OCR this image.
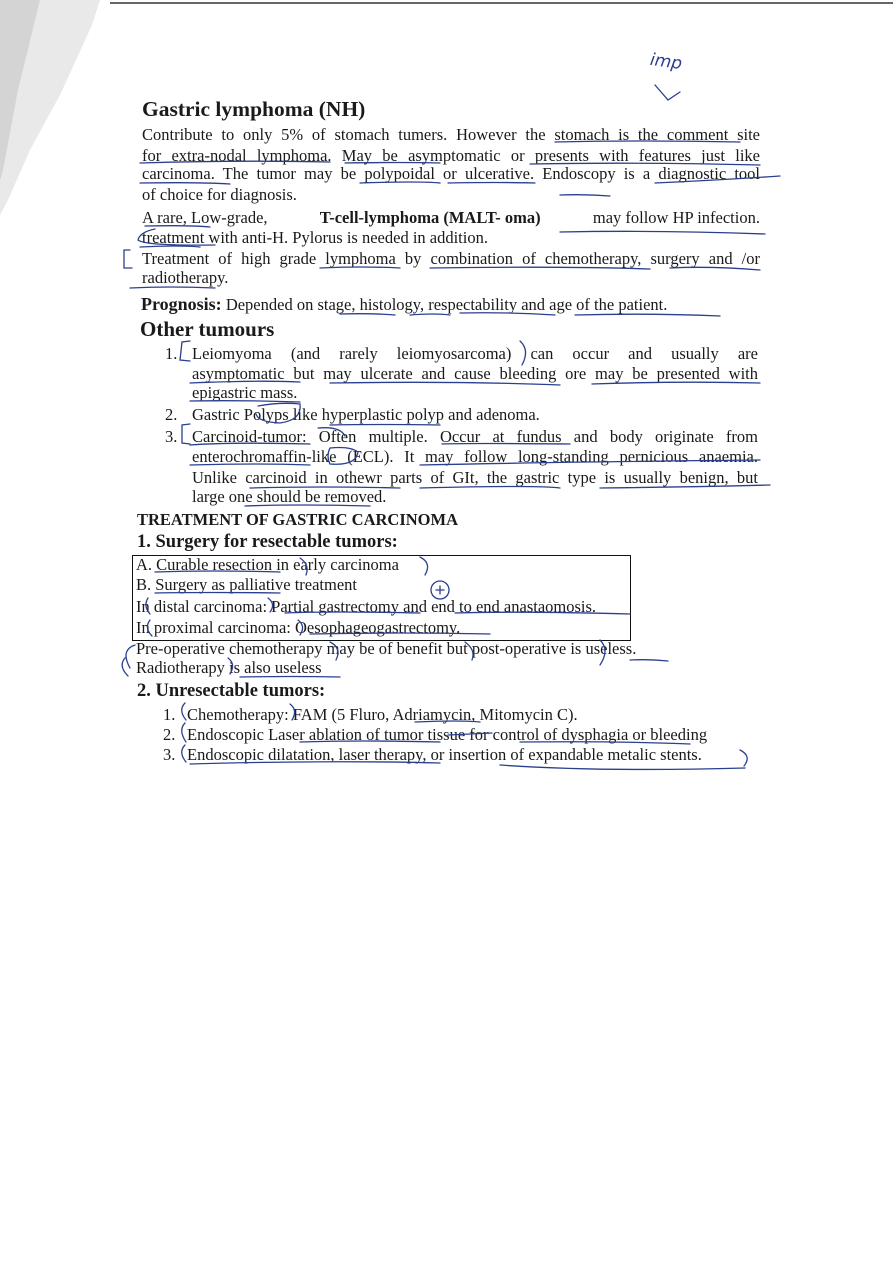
imp
Gastric lymphoma (NH)
Contribute to only 5% of stomach tumers. However the stomach is the comment site
for extra-nodal lymphoma. May be asymptomatic or presents with features just like
carcinoma. The tumor may be polypoidal or ulcerative. Endoscopy is a diagnostic tool
of choice for diagnosis.
A rare, Low-grade,	T-cell-lymphoma (MALT- oma)	may follow HP infection.
treatment with anti-H. Pylorus is needed in addition.
Treatment of high grade lymphoma by combination of chemotherapy, surgery and /or
radiotherapy.
Prognosis: Depended on stage, histology, respectability and age of the patient.
Other tumours
1. Leiomyoma (and rarely leiomyosarcoma) can occur and usually are
asymptomatic but may ulcerate and cause bleeding ore may be presented with
epigastric mass.
2. Gastric Polyps like hyperplastic polyp and adenoma.
3. Carcinoid-tumor: Often multiple. Occur at fundus and body originate from
enterochromaffin-like (ECL). It may follow long-standing pernicious anaemia.
Unlike carcinoid in othewr parts of GIt, the gastric type is usually benign, but
large one should be removed.
TREATMENT OF GASTRIC CARCINOMA
1. Surgery for resectable tumors:
A. Curable resection in early carcinoma
B. Surgery as palliative treatment
In distal carcinoma: Partial gastrectomy and end to end anastaomosis.
In proximal carcinoma: Oesophageogastrectomy.
Pre-operative chemotherapy may be of benefit but post-operative is useless.
Radiotherapy is also useless
2. Unresectable tumors:
1. Chemotherapy: FAM (5 Fluro, Adriamycin, Mitomycin C).
2. Endoscopic Laser ablation of tumor tissue for control of dysphagia or bleeding
3. Endoscopic dilatation, laser therapy, or insertion of expandable metalic stents.
